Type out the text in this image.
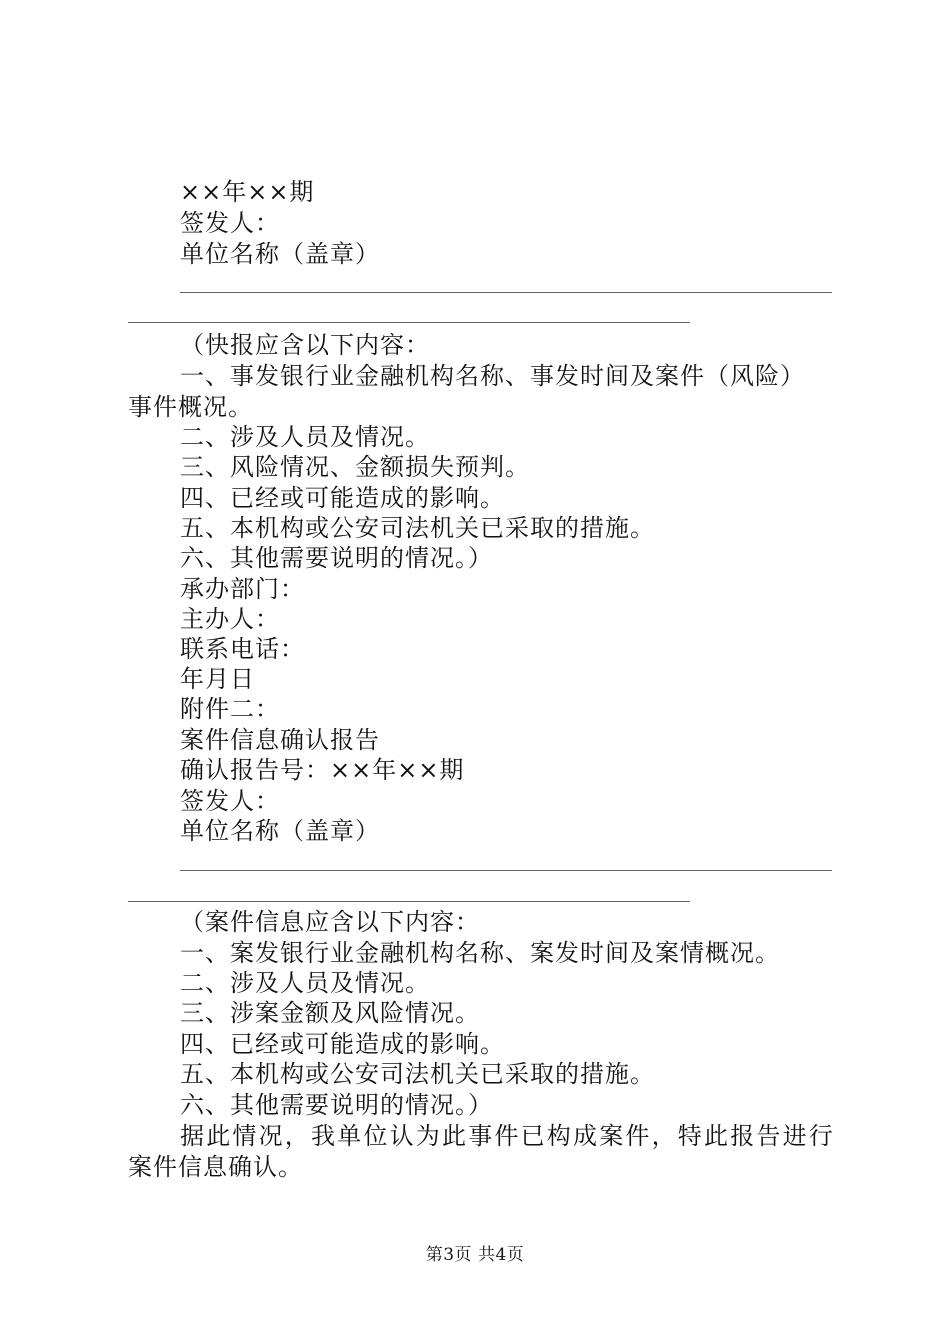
××年××期
签发人：
单位名称（盖章）
（快报应含以下内容：
一、事发银行业金融机构名称、事发时间及案件（风险）
事件概况。
二、涉及人员及情况。
三、风险情况、金额损失预判。
四、已经或可能造成的影响。
五、本机构或公安司法机关已采取的措施。
六、其他需要说明的情况。）
承办部门：
主办人：
联系电话：
年月日
附件二：
案件信息确认报告
确认报告号：××年××期
签发人：
单位名称（盖章）
（案件信息应含以下内容：
一、案发银行业金融机构名称、案发时间及案情概况。
二、涉及人员及情况。
三、涉案金额及风险情况。
四、已经或可能造成的影响。
五、本机构或公安司法机关已采取的措施。
六、其他需要说明的情况。）
据此情况，我单位认为此事件已构成案件，特此报告进行
案件信息确认。
第3页 共4页
